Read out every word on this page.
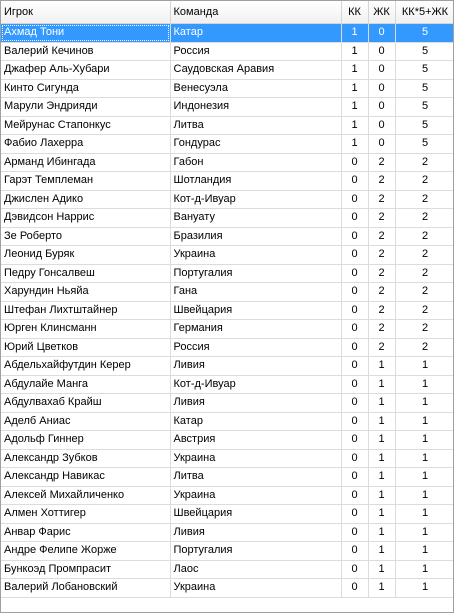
Игрок	Команда	КК	ЖК	КК*5+ЖК
Ахмад Тони	Катар	1	0	5
Валерий Кечинов	Россия	1	0	5
Джафер Аль-Хубари	Саудовская Аравия	1	0	5
Кинто Сигунда	Венесуэла	1	0	5
Марули Эндрияди	Индонезия	1	0	5
Мейрунас Стапонкус	Литва	1	0	5
Фабио Лахерра	Гондурас	1	0	5
Арманд Ибингада	Габон	0	2	2
Гарэт Темплеман	Шотландия	0	2	2
Джислен Адико	Кот-д-Ивуар	0	2	2
Дэвидсон Наррис	Вануату	0	2	2
Зе Роберто	Бразилия	0	2	2
Леонид Буряк	Украина	0	2	2
Педру Гонсалвеш	Португалия	0	2	2
Харундин Ньяйа	Гана	0	2	2
Штефан Лихтштайнер	Швейцария	0	2	2
Юрген Клинсманн	Германия	0	2	2
Юрий Цветков	Россия	0	2	2
Абдельхайфутдин Керер	Ливия	0	1	1
Абдулайе Манга	Кот-д-Ивуар	0	1	1
Абдулвахаб Крайш	Ливия	0	1	1
Аделб Аниас	Катар	0	1	1
Адольф Гиннер	Австрия	0	1	1
Александр Зубков	Украина	0	1	1
Александр Навикас	Литва	0	1	1
Алексей Михайличенко	Украина	0	1	1
Алмен Хоттигер	Швейцария	0	1	1
Анвар Фарис	Ливия	0	1	1
Андре Фелипе Жорже	Португалия	0	1	1
Бункоэд Промпрасит	Лаос	0	1	1
Валерий Лобановский	Украина	0	1	1
